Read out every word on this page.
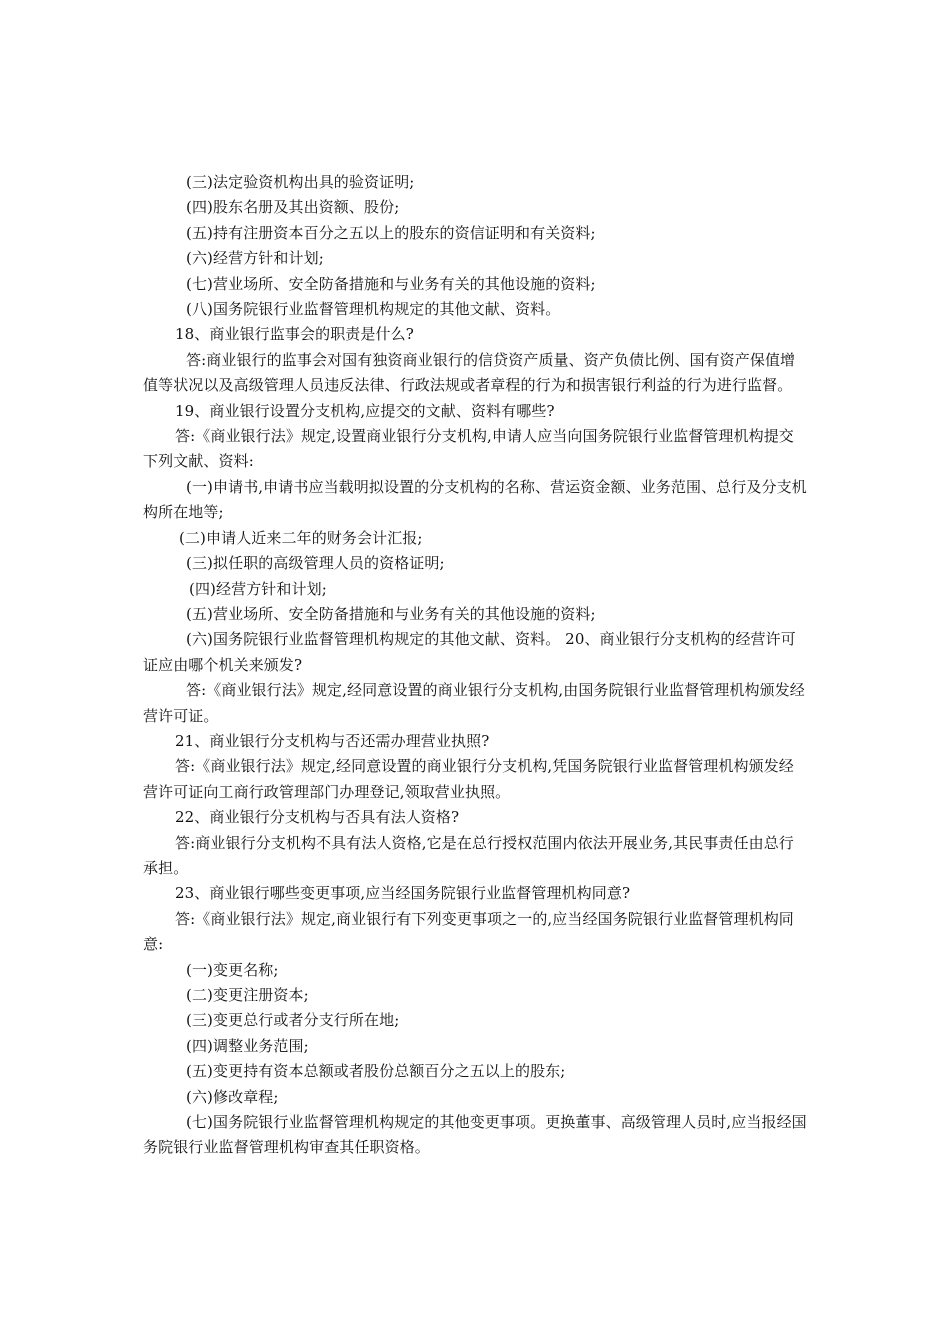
(三)法定验资机构出具的验资证明;

(四)股东名册及其出资额、股份;

(五)持有注册资本百分之五以上的股东的资信证明和有关资料;

(六)经营方针和计划;

(七)营业场所、安全防备措施和与业务有关的其他设施的资料;

(八)国务院银行业监督管理机构规定的其他文献、资料。

18、商业银行监事会的职责是什么?

答:商业银行的监事会对国有独资商业银行的信贷资产质量、资产负债比例、国有资产保值增值等状况以及高级管理人员违反法律、行政法规或者章程的行为和损害银行利益的行为进行监督。

19、商业银行设置分支机构,应提交的文献、资料有哪些?

答:《商业银行法》规定,设置商业银行分支机构,申请人应当向国务院银行业监督管理机构提交下列文献、资料:

(一)申请书,申请书应当载明拟设置的分支机构的名称、营运资金额、业务范围、总行及分支机构所在地等;

(二)申请人近来二年的财务会计汇报;

(三)拟任职的高级管理人员的资格证明;

(四)经营方针和计划;

(五)营业场所、安全防备措施和与业务有关的其他设施的资料;

(六)国务院银行业监督管理机构规定的其他文献、资料。 20、商业银行分支机构的经营许可证应由哪个机关来颁发?

答:《商业银行法》规定,经同意设置的商业银行分支机构,由国务院银行业监督管理机构颁发经营许可证。

21、商业银行分支机构与否还需办理营业执照?

答:《商业银行法》规定,经同意设置的商业银行分支机构,凭国务院银行业监督管理机构颁发经营许可证向工商行政管理部门办理登记,领取营业执照。

22、商业银行分支机构与否具有法人资格?

答:商业银行分支机构不具有法人资格,它是在总行授权范围内依法开展业务,其民事责任由总行承担。

23、商业银行哪些变更事项,应当经国务院银行业监督管理机构同意?

答:《商业银行法》规定,商业银行有下列变更事项之一的,应当经国务院银行业监督管理机构同意:

(一)变更名称;

(二)变更注册资本;

(三)变更总行或者分支行所在地;

(四)调整业务范围;

(五)变更持有资本总额或者股份总额百分之五以上的股东;

(六)修改章程;

(七)国务院银行业监督管理机构规定的其他变更事项。更换董事、高级管理人员时,应当报经国务院银行业监督管理机构审查其任职资格。
